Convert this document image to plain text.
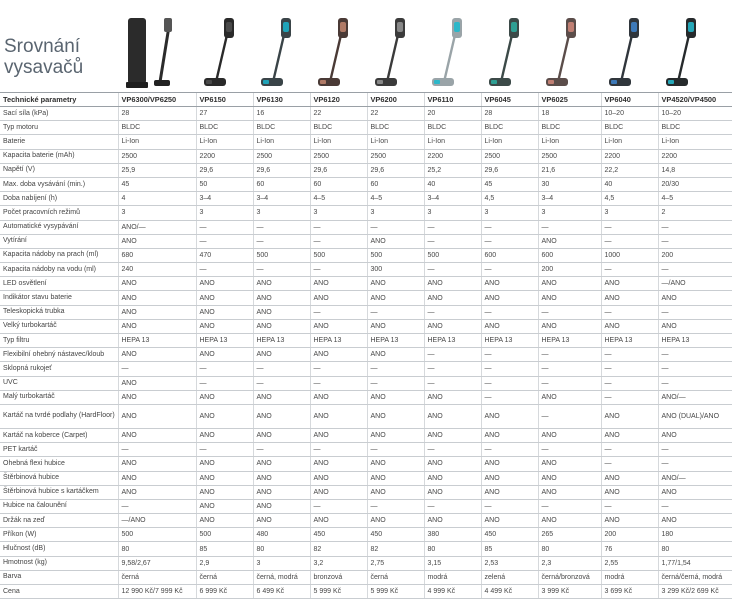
Srovnání
vysavačů
Technické parametry	VP6300/VP6250	VP6150	VP6130	VP6120	VP6200	VP6110	VP6045	VP6025	VP6040	VP4520/VP4500
Sací síla (kPa)	28	27	16	22	22	20	28	18	10–20	10–20
Typ motoru	BLDC	BLDC	BLDC	BLDC	BLDC	BLDC	BLDC	BLDC	BLDC	BLDC
Baterie	Li-Ion	Li-Ion	Li-Ion	Li-Ion	Li-Ion	Li-Ion	Li-Ion	Li-Ion	Li-Ion	Li-Ion
Kapacita baterie (mAh)	2500	2200	2500	2500	2500	2200	2500	2500	2200	2200
Napětí (V)	25,9	29,6	29,6	29,6	29,6	25,2	29,6	21,6	22,2	14,8
Max. doba vysávání (min.)	45	50	60	60	60	40	45	30	40	20/30
Doba nabíjení (h)	4	3–4	3–4	4–5	4–5	3–4	4,5	3–4	4,5	4–5
Počet pracovních režimů	3	3	3	3	3	3	3	3	3	2
Automatické vysypávání	ANO/—	—	—	—	—	—	—	—	—	—
Vytírání	ANO	—	—	—	ANO	—	—	ANO	—	—
Kapacita nádoby na prach (ml)	680	470	500	500	500	500	600	600	1000	200
Kapacita nádoby na vodu (ml)	240	—	—	—	300	—	—	200	—	—
LED osvětlení	ANO	ANO	ANO	ANO	ANO	ANO	ANO	ANO	ANO	—/ANO
Indikátor stavu baterie	ANO	ANO	ANO	ANO	ANO	ANO	ANO	ANO	ANO	ANO
Teleskopická trubka	ANO	ANO	ANO	—	—	—	—	—	—	—
Velký turbokartáč	ANO	ANO	ANO	ANO	ANO	ANO	ANO	ANO	ANO	ANO
Typ filtru	HEPA 13	HEPA 13	HEPA 13	HEPA 13	HEPA 13	HEPA 13	HEPA 13	HEPA 13	HEPA 13	HEPA 13
Flexibilní ohebný nástavec/kloub	ANO	ANO	ANO	ANO	ANO	—	—	—	—	—
Sklopná rukojeť	—	—	—	—	—	—	—	—	—	—
UVC	ANO	—	—	—	—	—	—	—	—	—
Malý turbokartáč	ANO	ANO	ANO	ANO	ANO	ANO	—	ANO	—	ANO/—
Kartáč na tvrdé podlahy (HardFloor)	ANO	ANO	ANO	ANO	ANO	ANO	ANO	—	ANO	ANO (DUAL)/ANO
Kartáč na koberce (Carpet)	ANO	ANO	ANO	ANO	ANO	ANO	ANO	ANO	ANO	ANO
PET kartáč	—	—	—	—	—	—	—	—	—	—
Ohebná flexi hubice	ANO	ANO	ANO	ANO	ANO	ANO	ANO	ANO	—	—
Štěrbinová hubice	ANO	ANO	ANO	ANO	ANO	ANO	ANO	ANO	ANO	ANO/—
Štěrbinová hubice s kartáčkem	ANO	ANO	ANO	ANO	ANO	ANO	ANO	ANO	ANO	ANO
Hubice na čalounění	—	ANO	ANO	—	—	—	—	—	—	—
Držák na zeď	—/ANO	ANO	ANO	ANO	ANO	ANO	ANO	ANO	ANO	ANO
Příkon (W)	500	500	480	450	450	380	450	265	200	180
Hlučnost (dB)	80	85	80	82	82	80	85	80	76	80
Hmotnost (kg)	9,58/2,67	2,9	3	3,2	2,75	3,15	2,53	2,3	2,55	1,77/1,54
Barva	černá	černá	černá, modrá	bronzová	černá	modrá	zelená	černá/bronzová	modrá	černá/černá, modrá
Cena	12 990 Kč/7 999 Kč	6 999 Kč	6 499 Kč	5 999 Kč	5 999 Kč	4 999 Kč	4 499 Kč	3 999 Kč	3 699 Kč	3 299 Kč/2 699 Kč
